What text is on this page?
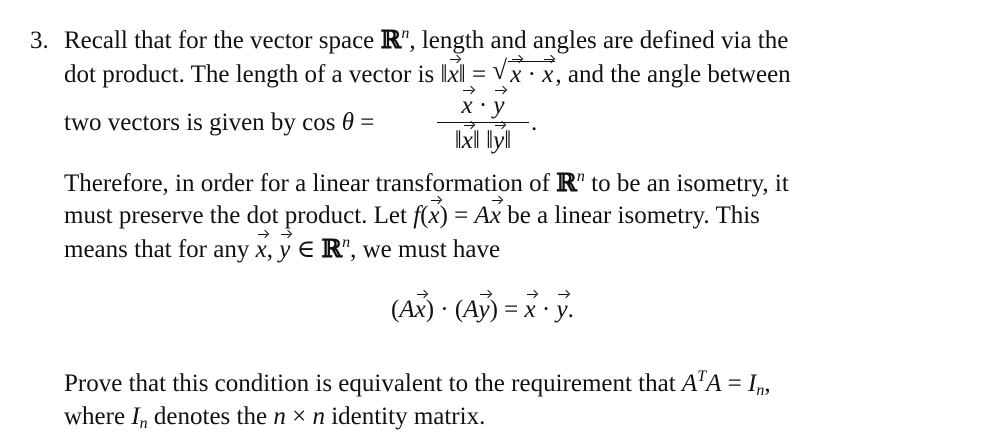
3. Recall that for the vector space ℝ$^n$, length and angles are defined via the
dot product. The length of a vector is ‖x‖ = √ x · x, and the angle between
two vectors is given by cos θ =
x · y
‖x‖ ‖y‖
.
Therefore, in order for a linear transformation of ℝ$^n$ to be an isometry, it
must preserve the dot product. Let f(x) = Ax be a linear isometry. This
means that for any x, y ∈ ℝ$^n$, we must have
(Ax) · (Ay) = x · y.
Prove that this condition is equivalent to the requirement that $A^TA = I_n$,
where $I_n$ denotes the n × n identity matrix.
